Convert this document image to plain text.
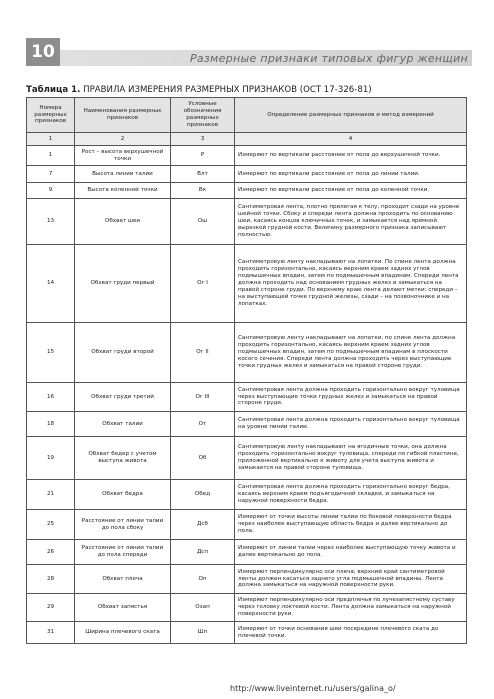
10	Размерные признаки типовых фигур женщин
Таблица 1. ПРАВИЛА ИЗМЕРЕНИЯ РАЗМЕРНЫХ ПРИЗНАКОВ (ОСТ 17-326-81)
Номера размерных признаков	Наименования размерных признаков	Условные обозначения размерных признаков	Определение размерных признаков и метод измерений
1	2	3	4
1	Рост – высота верхушечной точки	Р	Измеряют по вертикали расстояние от пола до верхушечной точки.
7	Высота линии талии	Влт	Измеряют по вертикали расстояние от пола до линии талии.
9	Высота коленной точки	Вк	Измеряют по вертикали расстояние от пола до коленной точки.
13	Обхват шеи	Ош	Сантиметровая лента, плотно прилегая к телу, проходит сзади на уровне шейной точки. Сбоку и спереди лента должна проходить по основанию шеи, касаясь концов ключичных точек, и замыкается над яремной вырезкой грудной кости. Величину размерного признака записывают полностью.
14	Обхват груди первый	Ог I	Сантиметровую ленту накладывают на лопатки. По спине лента должна проходить горизонтально, касаясь верхним краем задних углов подмышечных впадин, затем по подмышечным впадинам. Спереди лента должна проходить над основанием грудных желез и замыкаться на правой стороне груди. По верхнему краю лента делают метки: спереди – на выступающей точке грудной железы, сзади – на позвоночнике и на лопатках.
15	Обхват груди второй	Ог II	Сантиметровую ленту накладывают на лопатки, по спине лента должна проходить горизонтально, касаясь верхним краем задних углов подмышечных впадин, затем по подмышечным впадинам в плоскости косого сечения. Спереди лента должна проходить через выступающие точки грудных желез и замыкаться на правой стороне груди.
16	Обхват груди третий	Ог III	Сантиметровая лента должна проходить горизонтально вокруг туловища через выступающие точки грудных желез и замыкаться на правой стороне груди.
18	Обхват талии	От	Сантиметровая лента должна проходить горизонтально вокруг туловища на уровне линии талии.
19	Обхват бедер с учетом выступа живота	Об	Сантиметровую ленту накладывают на ягодичные точки, она должна проходить горизонтально вокруг туловища, спереди по гибкой пластине, приложенной вертикально к животу для учета выступа живота и замыкается на правой стороне туловища.
21	Обхват бедра	Обед	Сантиметровая лента должна проходить горизонтально вокруг бедра, касаясь верхним краем подъягодичной складки, и замыкаться на наружной поверхности бедра.
25	Расстояние от линии талии до пола сбоку	Дсб	Измеряют от точки высоты линии талии по боковой поверхности бедра через наиболее выступающую область бедра и далее вертикально до пола.
26	Расстояние от линии талии до пола спереди	Дсп	Измеряют от линии талии через наиболее выступающую точку живота и далее вертикально до пола.
28	Обхват плеча	Оп	Измеряют перпендикулярно оси плеча; верхний край сантиметровой ленты должен касаться заднего угла подмышечной впадины. Лента должна замыкаться на наружной поверхности руки.
29	Обхват запястья	Озап	Измеряют перпендикулярно оси предплечья по лучезапястному суставу через головку локтевой кости. Лента должна замыкаться на наружной поверхности руки.
31	Ширина плечевого ската	Шп	Измеряют от точки основания шеи посередине плечевого ската до плечевой точки.
http://www.liveinternet.ru/users/galina_o/
